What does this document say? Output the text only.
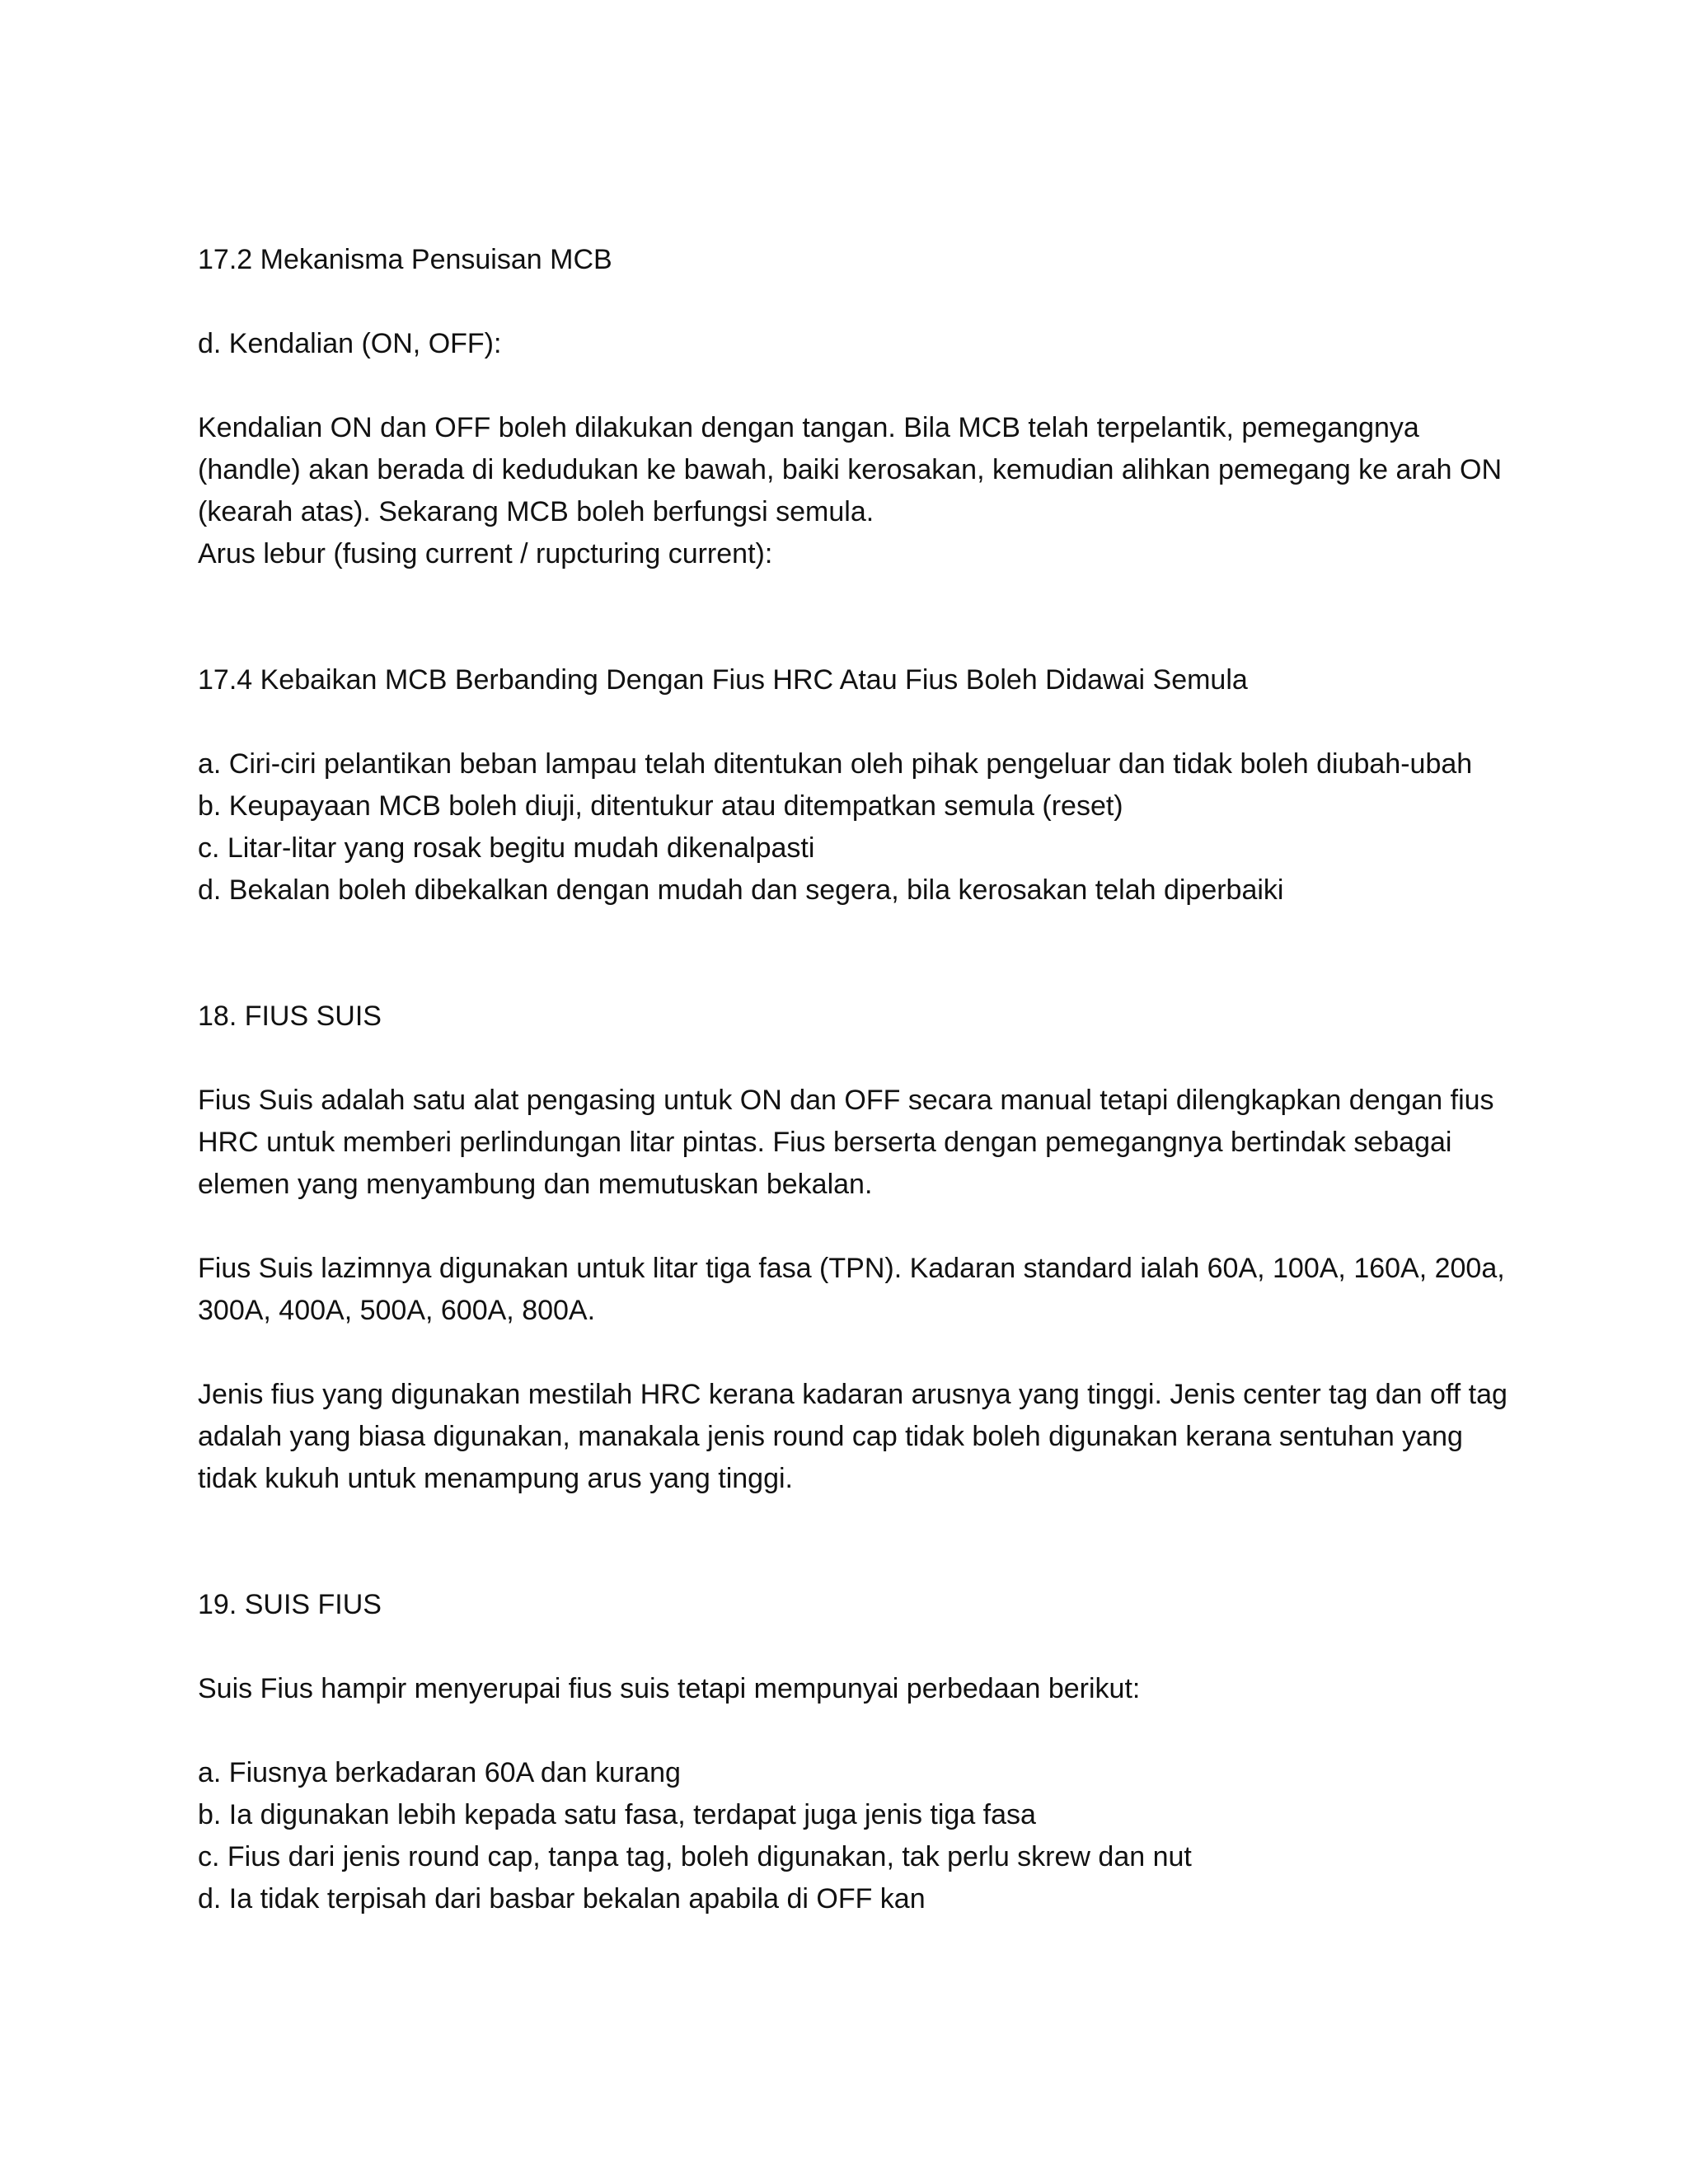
17.2 Mekanisma Pensuisan MCB

d. Kendalian (ON, OFF):

Kendalian ON dan OFF boleh dilakukan dengan tangan. Bila MCB telah terpelantik, pemegangnya

(handle) akan berada di kedudukan ke bawah, baiki kerosakan, kemudian alihkan pemegang ke arah ON

(kearah atas). Sekarang MCB boleh berfungsi semula.

Arus lebur (fusing current / rupcturing current):

17.4 Kebaikan MCB Berbanding Dengan Fius HRC Atau Fius Boleh Didawai Semula

a. Ciri-ciri pelantikan beban lampau telah ditentukan oleh pihak pengeluar dan tidak boleh diubah-ubah

b. Keupayaan MCB boleh diuji, ditentukur atau ditempatkan semula (reset)

c. Litar-litar yang rosak begitu mudah dikenalpasti

d. Bekalan boleh dibekalkan dengan mudah dan segera, bila kerosakan telah diperbaiki

18. FIUS SUIS

Fius Suis adalah satu alat pengasing untuk ON dan OFF secara manual tetapi dilengkapkan dengan fius

HRC untuk memberi perlindungan litar pintas. Fius berserta dengan pemegangnya bertindak sebagai

elemen yang menyambung dan memutuskan bekalan.

Fius Suis lazimnya digunakan untuk litar tiga fasa (TPN). Kadaran standard ialah 60A, 100A, 160A, 200a,

300A, 400A, 500A, 600A, 800A.

Jenis fius yang digunakan mestilah HRC kerana kadaran arusnya yang tinggi. Jenis center tag dan off tag

adalah yang biasa digunakan, manakala jenis round cap tidak boleh digunakan kerana sentuhan yang

tidak kukuh untuk menampung arus yang tinggi.

19. SUIS FIUS

Suis Fius hampir menyerupai fius suis tetapi mempunyai perbedaan berikut:

a. Fiusnya berkadaran 60A dan kurang

b. Ia digunakan lebih kepada satu fasa, terdapat juga jenis tiga fasa

c. Fius dari jenis round cap, tanpa tag, boleh digunakan, tak perlu skrew dan nut

d. Ia tidak terpisah dari basbar bekalan apabila di OFF kan
